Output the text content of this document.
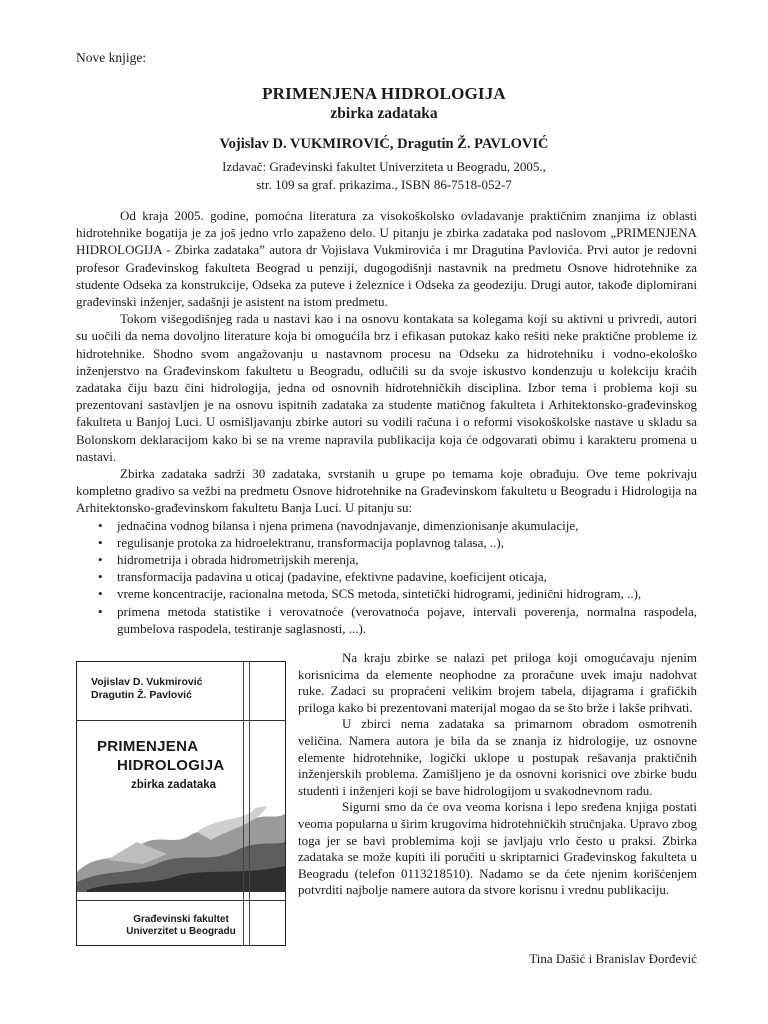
Nove knjige:
PRIMENJENA HIDROLOGIJA
zbirka zadataka
Vojislav D. VUKMIROVIĆ, Dragutin Ž. PAVLOVIĆ
Izdavač: Građevinski fakultet Univerziteta u Beogradu, 2005.,
str. 109 sa graf. prikazima., ISBN 86-7518-052-7

Od kraja 2005. godine, pomoćna literatura za visokoškolsko ovladavanje praktičnim znanjima iz oblasti hidrotehnike bogatija je za još jedno vrlo zapaženo delo. U pitanju je zbirka zadataka pod naslovom „PRIMENJENA HIDROLOGIJA - Zbirka zadataka” autora dr Vojislava Vukmirovića i mr Dragutina Pavlovića. Prvi autor je redovni profesor Građevinskog fakulteta Beograd u penziji, dugogodišnji nastavnik na predmetu Osnove hidrotehnike za studente Odseka za konstrukcije, Odseka za puteve i železnice i Odseka za geodeziju. Drugi autor, takođe diplomirani građevinski inženjer, sadašnji je asistent na istom predmetu.

Tokom višegodišnjeg rada u nastavi kao i na osnovu kontakata sa kolegama koji su aktivni u privredi, autori su uočili da nema dovoljno literature koja bi omogućila brz i efikasan putokaz kako rešiti neke praktične probleme iz hidrotehnike. Shodno svom angažovanju u nastavnom procesu na Odseku za hidrotehniku i vodno-ekološko inženjerstvo na Građevinskom fakultetu u Beogradu, odlučili su da svoje iskustvo kondenzuju u kolekciju kraćih zadataka čiju bazu čini hidrologija, jedna od osnovnih hidrotehničkih disciplina. Izbor tema i problema koji su prezentovani sastavljen je na osnovu ispitnih zadataka za studente matičnog fakulteta i Arhitektonsko-građevinskog fakulteta u Banjoj Luci. U osmišljavanju zbirke autori su vodili računa i o reformi visokoškolske nastave u skladu sa Bolonskom deklaracijom kako bi se na vreme napravila publikacija koja će odgovarati obimu i karakteru promena u nastavi.

Zbirka zadataka sadrži 30 zadataka, svrstanih u grupe po temama koje obrađuju. Ove teme pokrivaju kompletno gradivo sa vežbi na predmetu Osnove hidrotehnike na Građevinskom fakultetu u Beogradu i Hidrologija na Arhitektonsko-građevinskom fakultetu Banja Luci. U pitanju su:

• jednačina vodnog bilansa i njena primena (navodnjavanje, dimenzionisanje akumulacije,
• regulisanje protoka za hidroelektranu, transformacija poplavnog talasa, ..),
• hidrometrija i obrada hidrometrijskih merenja,
• transformacija padavina u oticaj (padavine, efektivne padavine, koeficijent oticaja,
• vreme koncentracije, racionalna metoda, SCS metoda, sintetički hidrogrami, jedinični hidrogram, ..),
• primena metoda statistike i verovatnoće (verovatnoća pojave, intervali poverenja, normalna raspodela, gumbelova raspodela, testiranje saglasnosti, ...).
Vojislav D. Vukmirović
Dragutin Ž. Pavlović
PRIMENJENA
HIDROLOGIJA
zbirka zadataka
Građevinski fakultet
Univerzitet u Beogradu

Na kraju zbirke se nalazi pet priloga koji omogućavaju njenim korisnicima da elemente neophodne za proračune uvek imaju nadohvat ruke. Zadaci su propraćeni velikim brojem tabela, dijagrama i grafičkih priloga kako bi prezentovani materijal mogao da se što brže i lakše prihvati.

U zbirci nema zadataka sa primarnom obradom osmotrenih veličina. Namera autora je bila da se znanja iz hidrologije, uz osnovne elemente hidrotehnike, logički uklope u postupak rešavanja praktičnih inženjerskih problema. Zamišljeno je da osnovni korisnici ove zbirke budu studenti i inženjeri koji se bave hidrologijom u svakodnevnom radu.

Sigurni smo da će ova veoma korisna i lepo sređena knjiga postati veoma popularna u širim krugovima hidrotehničkih stručnjaka. Upravo zbog toga jer se bavi problemima koji se javljaju vrlo često u praksi. Zbirka zadataka se može kupiti ili poručiti u skriptarnici Građevinskog fakulteta u Beogradu (telefon 0113218510). Nadamo se da ćete njenim korišćenjem potvrditi najbolje namere autora da stvore korisnu i vrednu publikaciju.

Tina Dašić i Branislav Đorđević
